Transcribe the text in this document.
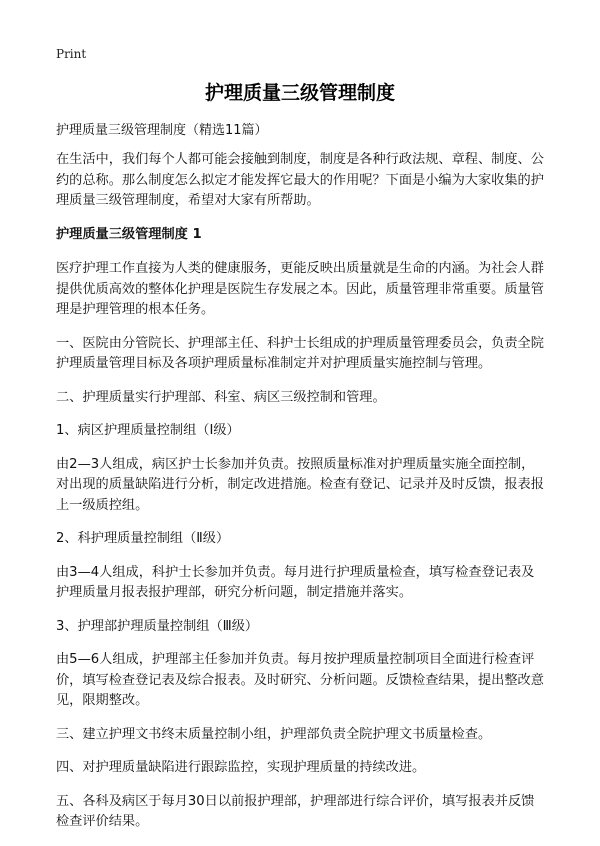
Print
护理质量三级管理制度

护理质量三级管理制度（精选11篇）

在生活中，我们每个人都可能会接触到制度，制度是各种行政法规、章程、制度、公约的总称。那么制度怎么拟定才能发挥它最大的作用呢？下面是小编为大家收集的护理质量三级管理制度，希望对大家有所帮助。

护理质量三级管理制度 1

医疗护理工作直接为人类的健康服务，更能反映出质量就是生命的内涵。为社会人群提供优质高效的整体化护理是医院生存发展之本。因此，质量管理非常重要。质量管理是护理管理的根本任务。

一、医院由分管院长、护理部主任、科护士长组成的护理质量管理委员会，负责全院护理质量管理目标及各项护理质量标准制定并对护理质量实施控制与管理。

二、护理质量实行护理部、科室、病区三级控制和管理。

1、病区护理质量控制组（Ⅰ级）

由2—3人组成，病区护士长参加并负责。按照质量标准对护理质量实施全面控制，对出现的质量缺陷进行分析，制定改进措施。检查有登记、记录并及时反馈，报表报上一级质控组。

2、科护理质量控制组（Ⅱ级）

由3—4人组成，科护士长参加并负责。每月进行护理质量检查，填写检查登记表及护理质量月报表报护理部，研究分析问题，制定措施并落实。

3、护理部护理质量控制组（Ⅲ级）

由5—6人组成，护理部主任参加并负责。每月按护理质量控制项目全面进行检查评价，填写检查登记表及综合报表。及时研究、分析问题。反馈检查结果，提出整改意见，限期整改。

三、建立护理文书终末质量控制小组，护理部负责全院护理文书质量检查。

四、对护理质量缺陷进行跟踪监控，实现护理质量的持续改进。

五、各科及病区于每月30日以前报护理部，护理部进行综合评价，填写报表并反馈检查评价结果。
